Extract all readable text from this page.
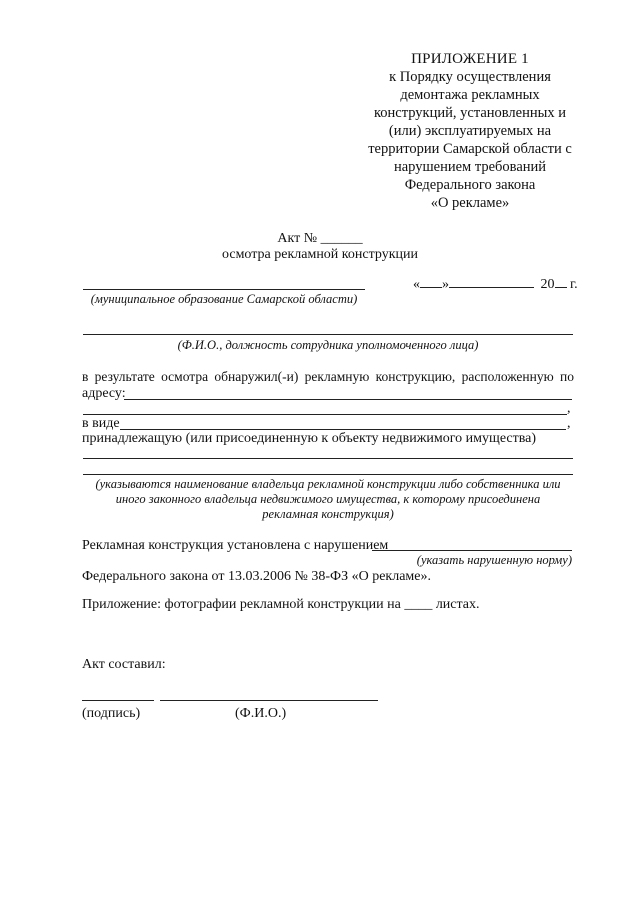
ПРИЛОЖЕНИЕ 1
к Порядку осуществления
демонтажа рекламных
конструкций, установленных и
(или) эксплуатируемых на
территории Самарской области с
нарушением требований
Федерального закона
«О рекламе»
Акт № ______
осмотра рекламной конструкции
« »	20 г.
(муниципальное образование Самарской области)
(Ф.И.О., должность сотрудника уполномоченного лица)
в результате осмотра обнаружил(-и) рекламную конструкцию, расположенную по
адресу:
,
в виде	,
принадлежащую (или присоединенную к объекту недвижимого имущества)
(указываются наименование владельца рекламной конструкции либо собственника или
иного законного владельца недвижимого имущества, к которому присоединена
рекламная конструкция)
Рекламная конструкция установлена с нарушением
(указать нарушенную норму)
Федерального закона от 13.03.2006 № 38-ФЗ «О рекламе».
Приложение: фотографии рекламной конструкции на ____ листах.
Акт составил:
(подпись)	(Ф.И.О.)
